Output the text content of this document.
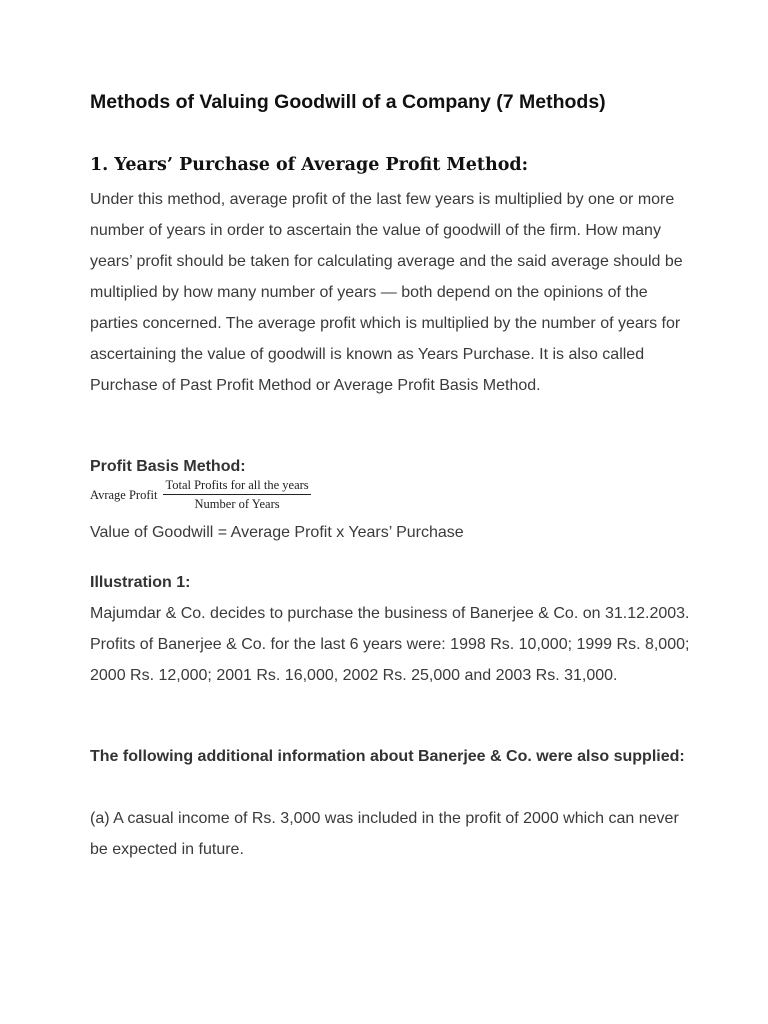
Methods of Valuing Goodwill of a Company (7 Methods)
1. Years’ Purchase of Average Profit Method:

Under this method, average profit of the last few years is multiplied by one or more number of years in order to ascertain the value of goodwill of the firm. How many years’ profit should be taken for calculating average and the said average should be multiplied by how many number of years — both depend on the opinions of the parties concerned. The average profit which is multiplied by the number of years for ascertaining the value of goodwill is known as Years Purchase. It is also called Purchase of Past Profit Method or Average Profit Basis Method.

Profit Basis Method:

Avrage Profit $\frac{\text{Total Profits for all the years}}{\text{Number of Years}}$

Value of Goodwill = Average Profit x Years’ Purchase

Illustration 1:

Majumdar & Co. decides to purchase the business of Banerjee & Co. on 31.12.2003. Profits of Banerjee & Co. for the last 6 years were: 1998 Rs. 10,000; 1999 Rs. 8,000; 2000 Rs. 12,000; 2001 Rs. 16,000, 2002 Rs. 25,000 and 2003 Rs. 31,000.

The following additional information about Banerjee & Co. were also supplied:

(a) A casual income of Rs. 3,000 was included in the profit of 2000 which can never be expected in future.
